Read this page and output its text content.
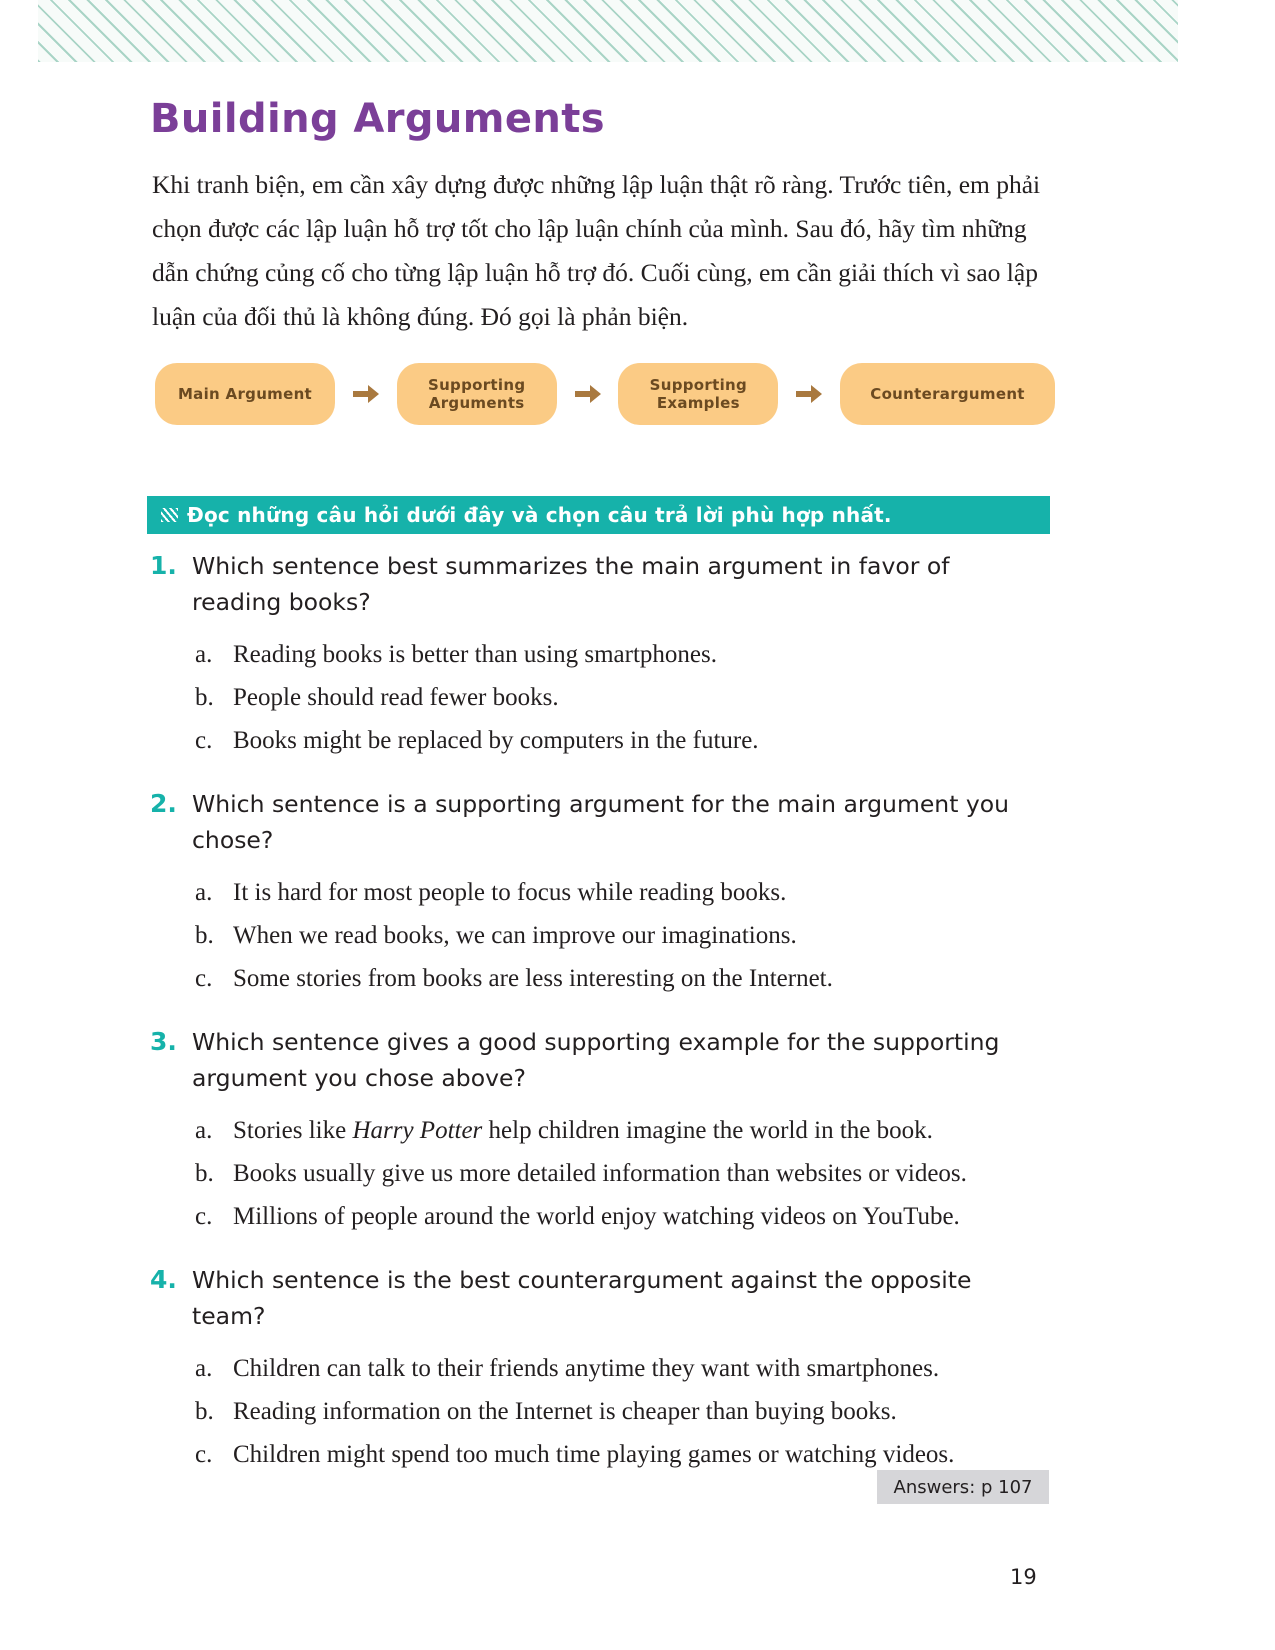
Building Arguments
Khi tranh biện, em cần xây dựng được những lập luận thật rõ ràng. Trước tiên, em phải chọn được các lập luận hỗ trợ tốt cho lập luận chính của mình. Sau đó, hãy tìm những dẫn chứng củng cố cho từng lập luận hỗ trợ đó. Cuối cùng, em cần giải thích vì sao lập luận của đối thủ là không đúng. Đó gọi là phản biện.
Main Argument	Supporting Arguments
Supporting Examples	Counterargument
Đọc những câu hỏi dưới đây và chọn câu trả lời phù hợp nhất.
1. Which sentence best summarizes the main argument in favor of reading books?
a. Reading books is better than using smartphones.
b. People should read fewer books.
c. Books might be replaced by computers in the future.
2. Which sentence is a supporting argument for the main argument you chose?
a. It is hard for most people to focus while reading books.
b. When we read books, we can improve our imaginations.
c. Some stories from books are less interesting on the Internet.
3. Which sentence gives a good supporting example for the supporting argument you chose above?
a. Stories like Harry Potter help children imagine the world in the book.
b. Books usually give us more detailed information than websites or videos.
c. Millions of people around the world enjoy watching videos on YouTube.
4. Which sentence is the best counterargument against the opposite team?
a. Children can talk to their friends anytime they want with smartphones.
b. Reading information on the Internet is cheaper than buying books.
c. Children might spend too much time playing games or watching videos.
Answers: p 107
19
